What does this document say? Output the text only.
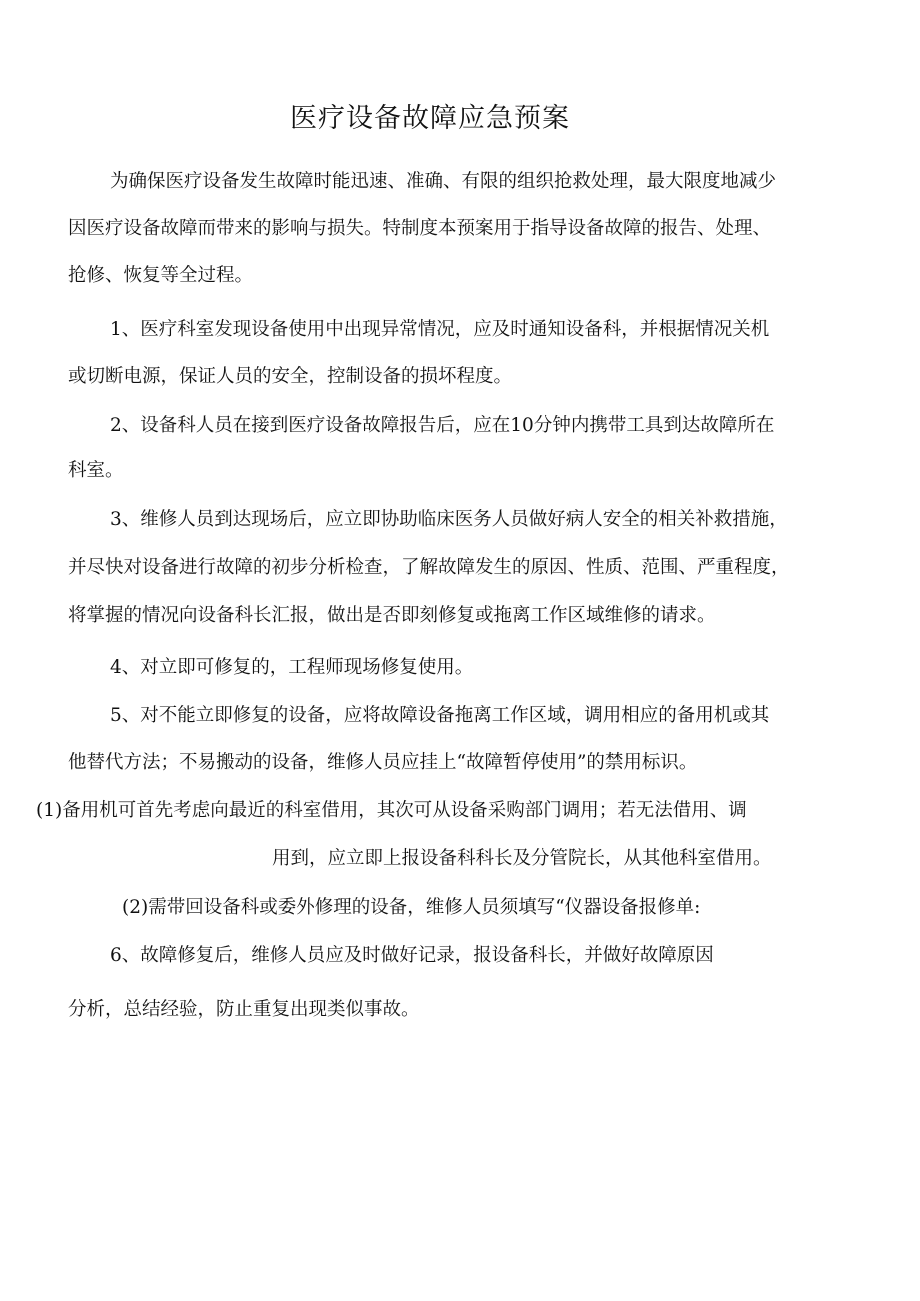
医疗设备故障应急预案
为确保医疗设备发生故障时能迅速、准确、有限的组织抢救处理，最大限度地减少
因医疗设备故障而带来的影响与损失。特制度本预案用于指导设备故障的报告、处理、
抢修、恢复等全过程。
1、医疗科室发现设备使用中出现异常情况，应及时通知设备科，并根据情况关机
或切断电源，保证人员的安全，控制设备的损坏程度。
2、设备科人员在接到医疗设备故障报告后，应在10分钟内携带工具到达故障所在
科室。
3、维修人员到达现场后，应立即协助临床医务人员做好病人安全的相关补救措施，
并尽快对设备进行故障的初步分析检查，了解故障发生的原因、性质、范围、严重程度，
将掌握的情况向设备科长汇报，做出是否即刻修复或拖离工作区域维修的请求。
4、对立即可修复的，工程师现场修复使用。
5、对不能立即修复的设备，应将故障设备拖离工作区域，调用相应的备用机或其
他替代方法；不易搬动的设备，维修人员应挂上“故障暂停使用”的禁用标识。
(1)备用机可首先考虑向最近的科室借用，其次可从设备采购部门调用；若无法借用、调
用到，应立即上报设备科科长及分管院长，从其他科室借用。
(2)需带回设备科或委外修理的设备，维修人员须填写“仪器设备报修单:
6、故障修复后，维修人员应及时做好记录，报设备科长，并做好故障原因
分析，总结经验，防止重复出现类似事故。
